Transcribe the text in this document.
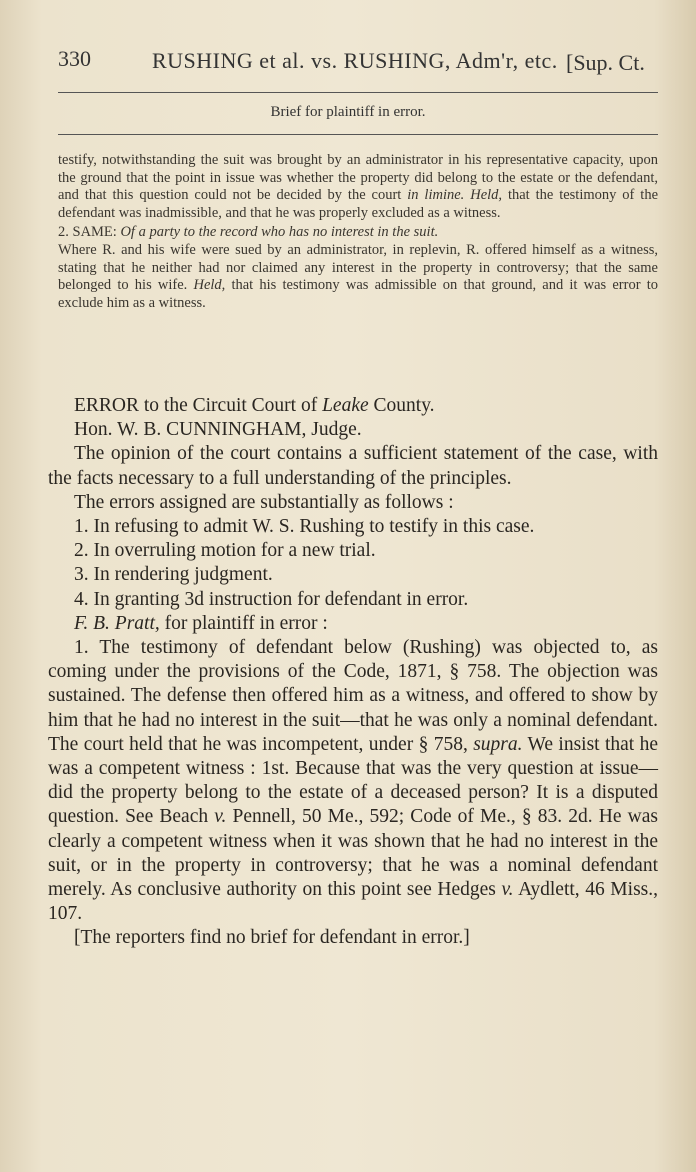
330	RUSHING et al. vs. RUSHING, Adm'r, etc. [Sup. Ct.
Brief for plaintiff in error.

testify, notwithstanding the suit was brought by an administrator in his representative capacity, upon the ground that the point in issue was whether the property did belong to the estate or the defendant, and that this question could not be decided by the court in limine. Held, that the testimony of the defendant was inadmissible, and that he was properly excluded as a witness.

2. SAME: Of a party to the record who has no interest in the suit.

Where R. and his wife were sued by an administrator, in replevin, R. offered himself as a witness, stating that he neither had nor claimed any interest in the property in controversy; that the same belonged to his wife. Held, that his testimony was admissible on that ground, and it was error to exclude him as a witness.

ERROR to the Circuit Court of Leake County.

Hon. W. B. CUNNINGHAM, Judge.

The opinion of the court contains a sufficient statement of the case, with the facts necessary to a full understanding of the principles.

The errors assigned are substantially as follows :

1. In refusing to admit W. S. Rushing to testify in this case.

2. In overruling motion for a new trial.

3. In rendering judgment.

4. In granting 3d instruction for defendant in error.

F. B. Pratt, for plaintiff in error :

1. The testimony of defendant below (Rushing) was objected to, as coming under the provisions of the Code, 1871, § 758. The objection was sustained. The defense then offered him as a witness, and offered to show by him that he had no interest in the suit—that he was only a nominal defendant. The court held that he was incompetent, under § 758, supra. We insist that he was a competent witness : 1st. Because that was the very question at issue—did the property belong to the estate of a deceased person? It is a disputed question. See Beach v. Pennell, 50 Me., 592; Code of Me., § 83. 2d. He was clearly a competent witness when it was shown that he had no interest in the suit, or in the property in controversy; that he was a nominal defendant merely. As conclusive authority on this point see Hedges v. Aydlett, 46 Miss., 107.

[The reporters find no brief for defendant in error.]
